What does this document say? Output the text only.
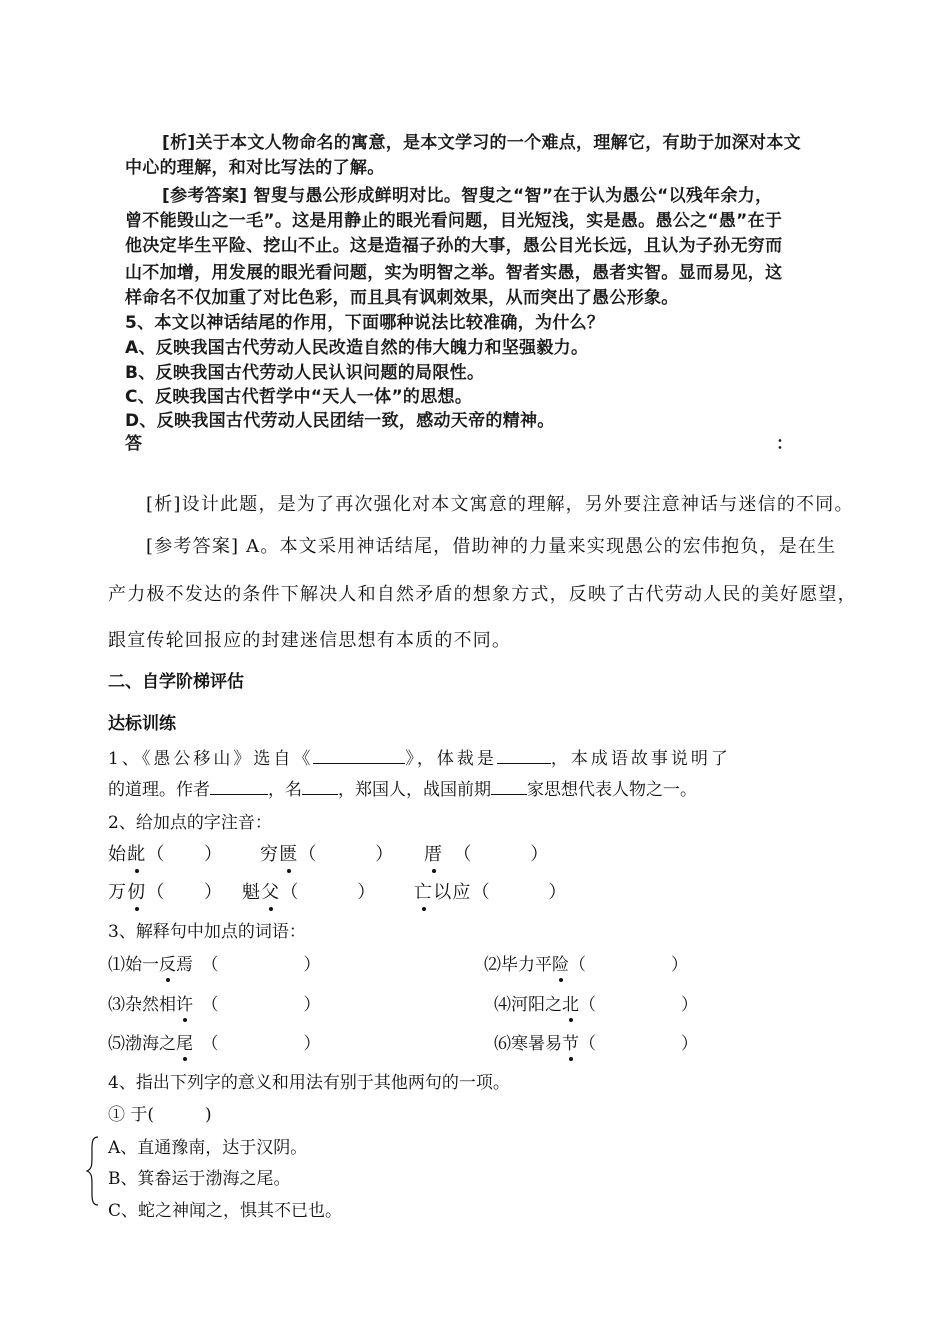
[析]关于本文人物命名的寓意，是本文学习的一个难点，理解它，有助于加深对本文
中心的理解，和对比写法的了解。
[参考答案] 智叟与愚公形成鲜明对比。智叟之“智”在于认为愚公“以残年余力，
曾不能毁山之一毛”。这是用静止的眼光看问题，目光短浅，实是愚。愚公之“愚”在于
他决定毕生平险、挖山不止。这是造福子孙的大事，愚公目光长远，且认为子孙无穷而
山不加增，用发展的眼光看问题，实为明智之举。智者实愚，愚者实智。显而易见，这
样命名不仅加重了对比色彩，而且具有讽刺效果，从而突出了愚公形象。
5、本文以神话结尾的作用，下面哪种说法比较准确，为什么？
A、反映我国古代劳动人民改造自然的伟大魄力和坚强毅力。
B、反映我国古代劳动人民认识问题的局限性。
C、反映我国古代哲学中“天人一体”的思想。
D、反映我国古代劳动人民团结一致，感动天帝的精神。
答	：
[析]设计此题，是为了再次强化对本文寓意的理解，另外要注意神话与迷信的不同。
[参考答案] A。本文采用神话结尾，借助神的力量来实现愚公的宏伟抱负，是在生
产力极不发达的条件下解决人和自然矛盾的想象方式，反映了古代劳动人民的美好愿望，
跟宣传轮回报应的封建迷信思想有本质的不同。
二、自学阶梯评估
达标训练
1、《愚公移山》选自《	》，体裁是	，本成语故事说明了
的道理。作者	，名 ，郑国人，战国前期 家思想代表人物之一。
2、给加点的字注音：
始龀（　　） 穷匮（　　　） 厝　（　　　）
万仞（　　） 魁父（　　　） 亡以应（　　　）
3、解释句中加点的词语：
⑴始一反焉　（　　　　　）	⑵毕力平险（　　　　　）
⑶杂然相许　（　　　　　）	⑷河阳之北（　　　　　）
⑸渤海之尾　（　　　　　）	⑹寒暑易节（　　　　　）
4、指出下列字的意义和用法有别于其他两句的一项。
① 于(　　　)
A、直通豫南，达于汉阴。
B、箕畚运于渤海之尾。
C、蛇之神闻之，惧其不已也。
